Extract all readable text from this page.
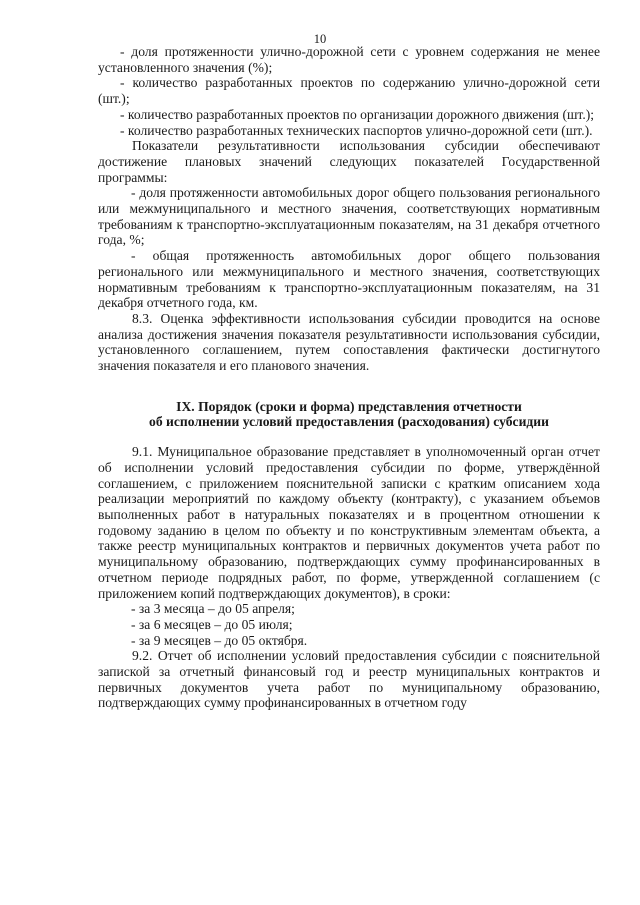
10

- доля протяженности улично-дорожной сети с уровнем содержания не менее установленного значения (%);

- количество разработанных проектов по содержанию улично-дорожной сети (шт.);

- количество разработанных проектов по организации дорожного движения (шт.);

- количество разработанных технических паспортов улично-дорожной сети (шт.).

Показатели результативности использования субсидии обеспечивают достижение плановых значений следующих показателей Государственной программы:

- доля протяженности автомобильных дорог общего пользования регионального или межмуниципального и местного значения, соответствующих нормативным требованиям к транспортно-эксплуатационным показателям, на 31 декабря отчетного года, %;

- общая протяженность автомобильных дорог общего пользования регионального или межмуниципального и местного значения, соответствующих нормативным требованиям к транспортно-эксплуатационным показателям, на 31 декабря отчетного года, км.

8.3. Оценка эффективности использования субсидии проводится на основе анализа достижения значения показателя результативности использования субсидии, установленного соглашением, путем сопоставления фактически достигнутого значения показателя и его планового значения.

IX. Порядок (сроки и форма) представления отчетности
об исполнении условий предоставления (расходования) субсидии

9.1. Муниципальное образование представляет в уполномоченный орган отчет об исполнении условий предоставления субсидии по форме, утверждённой соглашением, с приложением пояснительной записки с кратким описанием хода реализации мероприятий по каждому объекту (контракту), с указанием объемов выполненных работ в натуральных показателях и в процентном отношении к годовому заданию в целом по объекту и по конструктивным элементам объекта, а также реестр муниципальных контрактов и первичных документов учета работ по муниципальному образованию, подтверждающих сумму профинансированных в отчетном периоде подрядных работ, по форме, утвержденной соглашением (с приложением копий подтверждающих документов), в сроки:

- за 3 месяца – до 05 апреля;

- за 6 месяцев – до 05 июля;

- за 9 месяцев – до 05 октября.

9.2. Отчет об исполнении условий предоставления субсидии с пояснительной запиской за отчетный финансовый год и реестр муниципальных контрактов и первичных документов учета работ по муниципальному образованию, подтверждающих сумму профинансированных в отчетном году
